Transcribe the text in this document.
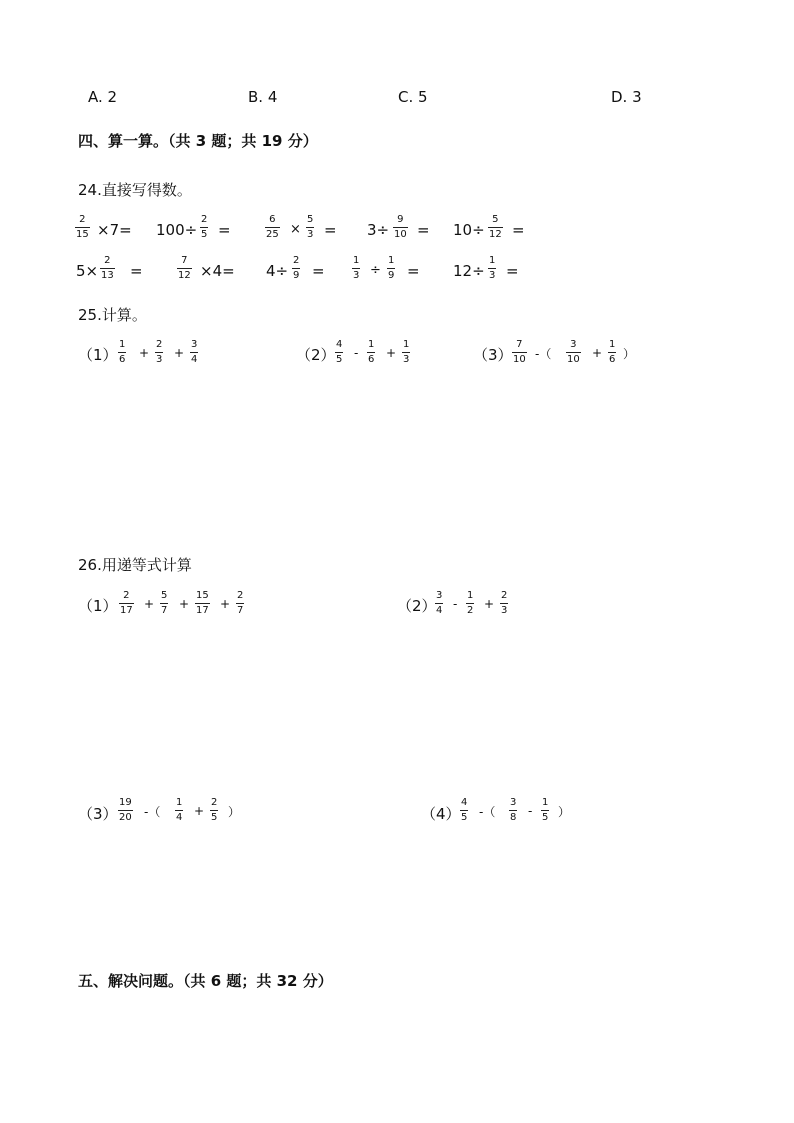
A. 2	B. 4	C. 5	D. 3
四、算一算。（共 3 题；共 19 分）
24.直接写得数。
2
15 ×7= 100÷
2
5 =
6
25 ×
5
3 = 3÷
9
10 = 10÷
5
12 =
5×
2
13 =
7
12 ×4= 4÷
2
9 =
1
3 ÷
1
9 = 12÷
1
3 =
25.计算。
（1）
1
6 +
2
3 +
3
4	（2）
4
5 -
1
6 +
1
3	（3）
7
10 -（
3
10 +
1
6 ）
26.用递等式计算
（1）
2
17 +
5
7 +
15
17 +
2
7	（2）
3
4 -
1
2 +
2
3
（3）
19
20 -（
1
4 +
2
5 ）	（4）
4
5 -（
3
8 -
1
5 ）
五、解决问题。（共 6 题；共 32 分）
